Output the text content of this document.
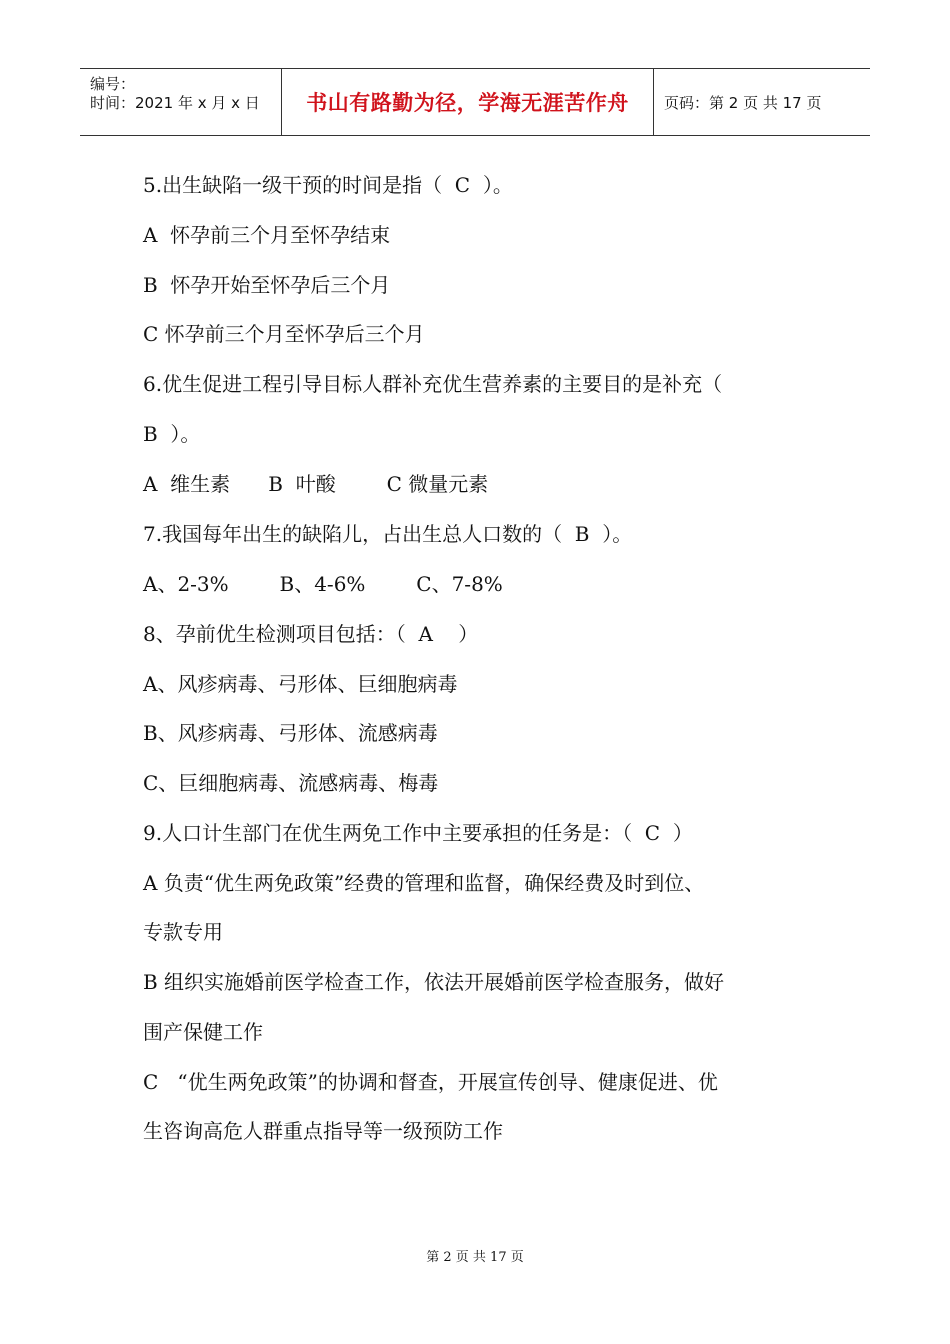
编号：
时间：2021 年 x 月 x 日 书山有路勤为径，学海无涯苦作舟 页码：第 2 页 共 17 页
5.出生缺陷一级干预的时间是指（  C  ）。
A  怀孕前三个月至怀孕结束
B  怀孕开始至怀孕后三个月
C 怀孕前三个月至怀孕后三个月
6.优生促进工程引导目标人群补充优生营养素的主要目的是补充（
B  ）。
A  维生素      B  叶酸        C 微量元素
7.我国每年出生的缺陷儿，占出生总人口数的（  B  ）。
A、2-3%        B、4-6%        C、7-8%
8、孕前优生检测项目包括：（  A    ）
A、风疹病毒、弓形体、巨细胞病毒
B、风疹病毒、弓形体、流感病毒
C、巨细胞病毒、流感病毒、梅毒
9.人口计生部门在优生两免工作中主要承担的任务是：（  C  ）
A 负责“优生两免政策”经费的管理和监督，确保经费及时到位、
专款专用
B 组织实施婚前医学检查工作，依法开展婚前医学检查服务，做好
围产保健工作
C   “优生两免政策”的协调和督查，开展宣传创导、健康促进、优
生咨询高危人群重点指导等一级预防工作
第 2 页 共 17 页
